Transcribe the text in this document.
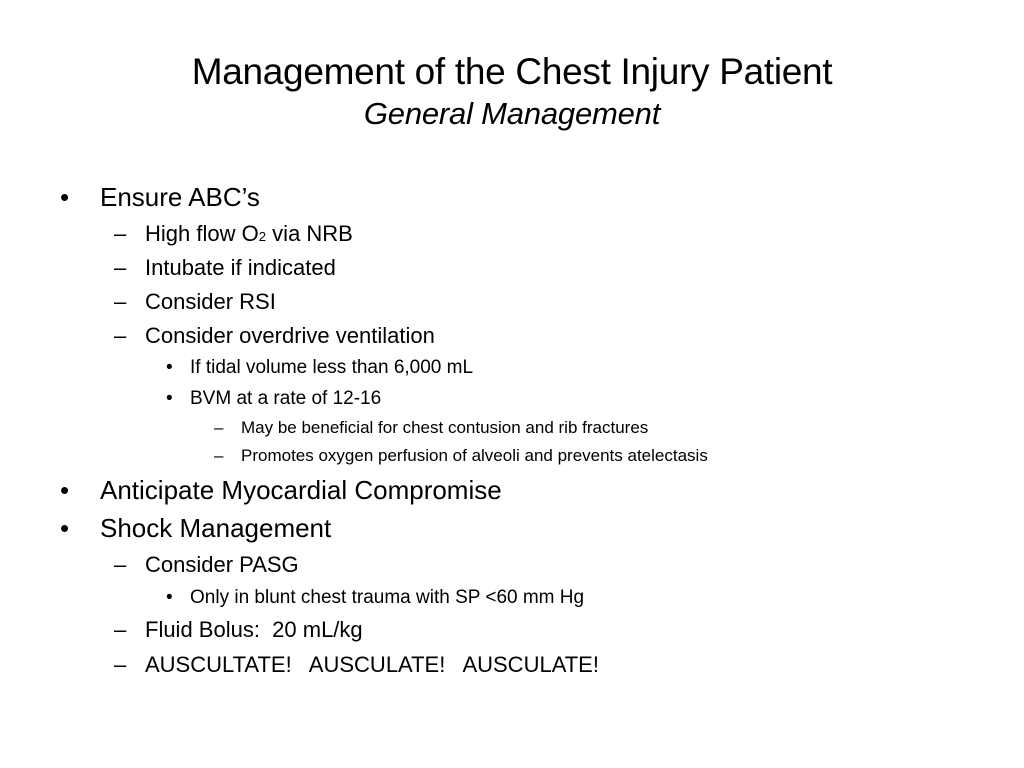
Management of the Chest Injury Patient
General Management
• Ensure ABC’s
– High flow O2 via NRB
– Intubate if indicated
– Consider RSI
– Consider overdrive ventilation
• If tidal volume less than 6,000 mL
• BVM at a rate of 12-16
– May be beneficial for chest contusion and rib fractures
– Promotes oxygen perfusion of alveoli and prevents atelectasis
• Anticipate Myocardial Compromise
• Shock Management
– Consider PASG
• Only in blunt chest trauma with SP <60 mm Hg
– Fluid Bolus:  20 mL/kg
– AUSCULTATE!   AUSCULATE!   AUSCULATE!
